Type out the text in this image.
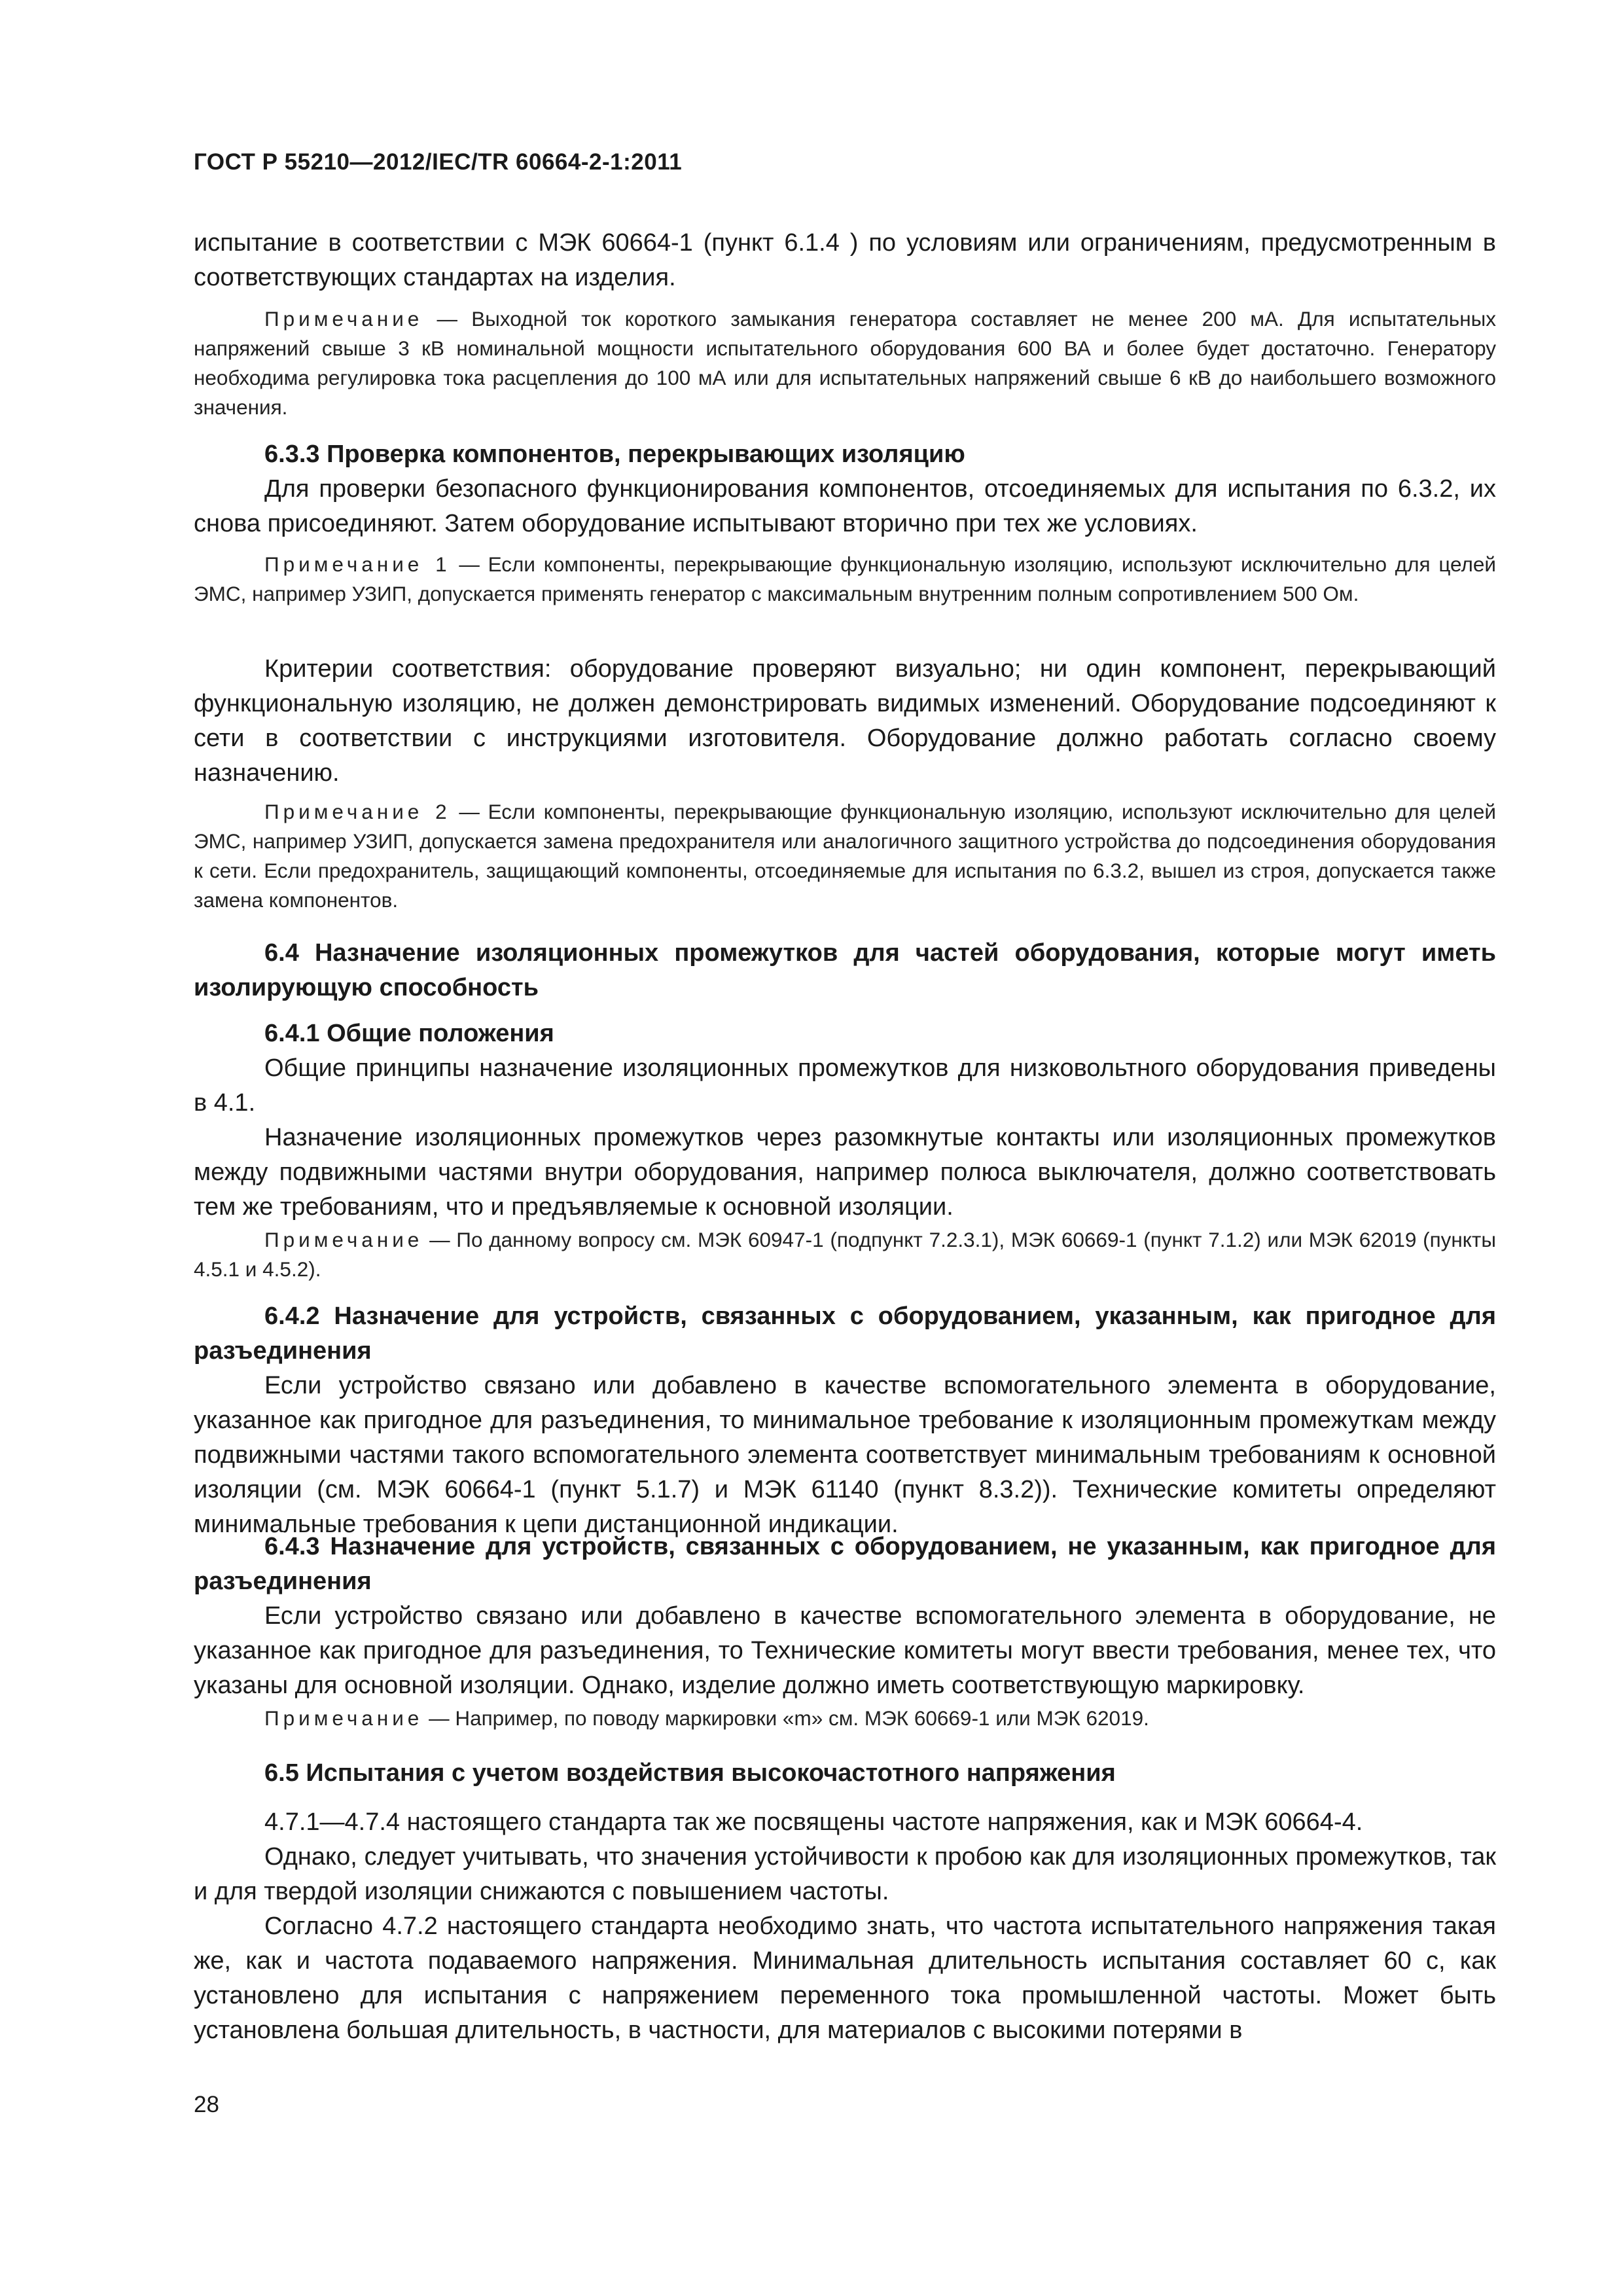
ГОСТ Р 55210—2012/IEC/TR 60664-2-1:2011

испытание в соответствии с МЭК 60664-1 (пункт 6.1.4 ) по условиям или ограничениям, предусмотренным в соответствующих стандартах на изделия.

Примечание — Выходной ток короткого замыкания генератора составляет не менее 200 мА. Для испытательных напряжений свыше 3 кВ номинальной мощности испытательного оборудования 600 ВА и более будет достаточно. Генератору необходима регулировка тока расцепления до 100 мА или для испытательных напряжений свыше 6 кВ до наибольшего возможного значения.

6.3.3 Проверка компонентов, перекрывающих изоляцию

Для проверки безопасного функционирования компонентов, отсоединяемых для испытания по 6.3.2, их снова присоединяют. Затем оборудование испытывают вторично при тех же условиях.

Примечание 1 — Если компоненты, перекрывающие функциональную изоляцию, используют исключительно для целей ЭМС, например УЗИП, допускается применять генератор с максимальным внутренним полным сопротивлением 500 Ом.

Критерии соответствия: оборудование проверяют визуально; ни один компонент, перекрывающий функциональную изоляцию, не должен демонстрировать видимых изменений. Оборудование подсоединяют к сети в соответствии с инструкциями изготовителя. Оборудование должно работать согласно своему назначению.

Примечание 2 — Если компоненты, перекрывающие функциональную изоляцию, используют исключительно для целей ЭМС, например УЗИП, допускается замена предохранителя или аналогичного защитного устройства до подсоединения оборудования к сети. Если предохранитель, защищающий компоненты, отсоединяемые для испытания по 6.3.2, вышел из строя, допускается также замена компонентов.

6.4 Назначение изоляционных промежутков для частей оборудования, которые могут иметь изолирующую способность

6.4.1 Общие положения

Общие принципы назначение изоляционных промежутков для низковольтного оборудования приведены в 4.1.

Назначение изоляционных промежутков через разомкнутые контакты или изоляционных промежутков между подвижными частями внутри оборудования, например полюса выключателя, должно соответствовать тем же требованиям, что и предъявляемые к основной изоляции.

Примечание — По данному вопросу см. МЭК 60947-1 (подпункт 7.2.3.1), МЭК 60669-1 (пункт 7.1.2) или МЭК 62019 (пункты 4.5.1 и 4.5.2).

6.4.2 Назначение для устройств, связанных с оборудованием, указанным, как пригодное для разъединения

Если устройство связано или добавлено в качестве вспомогательного элемента в оборудование, указанное как пригодное для разъединения, то минимальное требование к изоляционным промежуткам между подвижными частями такого вспомогательного элемента соответствует минимальным требованиям к основной изоляции (см. МЭК 60664-1 (пункт 5.1.7) и МЭК 61140 (пункт 8.3.2)). Технические комитеты определяют минимальные требования к цепи дистанционной индикации.

6.4.3 Назначение для устройств, связанных с оборудованием, не указанным, как пригодное для разъединения

Если устройство связано или добавлено в качестве вспомогательного элемента в оборудование, не указанное как пригодное для разъединения, то Технические комитеты могут ввести требования, менее тех, что указаны для основной изоляции. Однако, изделие должно иметь соответствующую маркировку.

Примечание — Например, по поводу маркировки «m» см. МЭК 60669-1 или МЭК 62019.

6.5 Испытания с учетом воздействия высокочастотного напряжения

4.7.1—4.7.4 настоящего стандарта так же посвящены частоте напряжения, как и МЭК 60664-4.

Однако, следует учитывать, что значения устойчивости к пробою как для изоляционных промежутков, так и для твердой изоляции снижаются с повышением частоты.

Согласно 4.7.2 настоящего стандарта необходимо знать, что частота испытательного напряжения такая же, как и частота подаваемого напряжения. Минимальная длительность испытания составляет 60 с, как установлено для испытания с напряжением переменного тока промышленной частоты. Может быть установлена большая длительность, в частности, для материалов с высокими потерями в

28
